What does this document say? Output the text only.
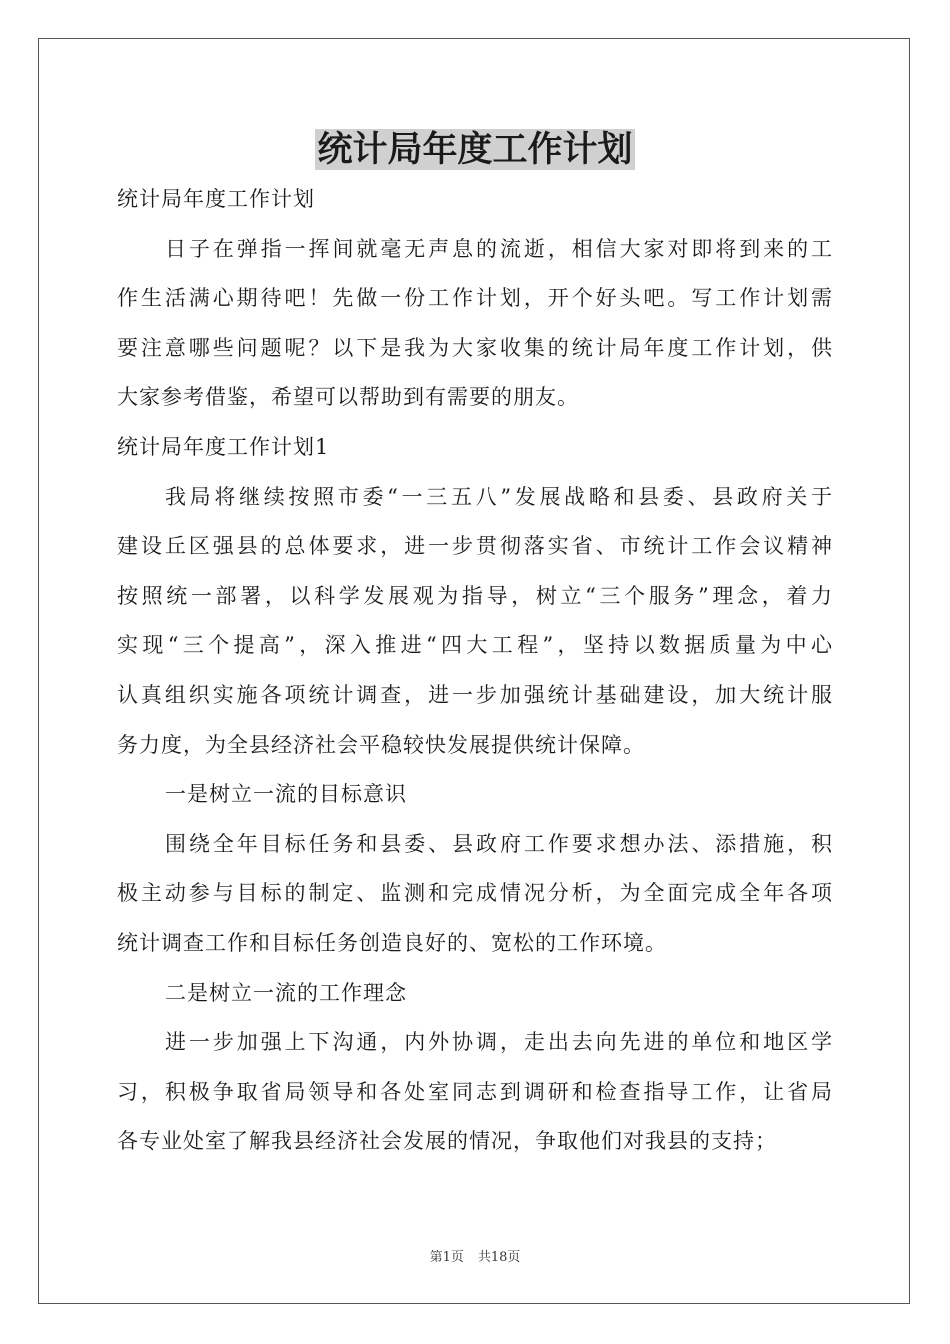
统计局年度工作计划

统计局年度工作计划

日子在弹指一挥间就毫无声息的流逝，相信大家对即将到来的工

作生活满心期待吧！先做一份工作计划，开个好头吧。写工作计划需

要注意哪些问题呢？以下是我为大家收集的统计局年度工作计划，供

大家参考借鉴，希望可以帮助到有需要的朋友。

统计局年度工作计划1

我局将继续按照市委“一三五八”发展战略和县委、县政府关于

建设丘区强县的总体要求，进一步贯彻落实省、市统计工作会议精神

按照统一部署，以科学发展观为指导，树立“三个服务”理念，着力

实现“三个提高”，深入推进“四大工程”，坚持以数据质量为中心

认真组织实施各项统计调查，进一步加强统计基础建设，加大统计服

务力度，为全县经济社会平稳较快发展提供统计保障。

一是树立一流的目标意识

围绕全年目标任务和县委、县政府工作要求想办法、添措施，积

极主动参与目标的制定、监测和完成情况分析，为全面完成全年各项

统计调查工作和目标任务创造良好的、宽松的工作环境。

二是树立一流的工作理念

进一步加强上下沟通，内外协调，走出去向先进的单位和地区学

习，积极争取省局领导和各处室同志到调研和检查指导工作，让省局

各专业处室了解我县经济社会发展的情况，争取他们对我县的支持；

第1页 共18页
